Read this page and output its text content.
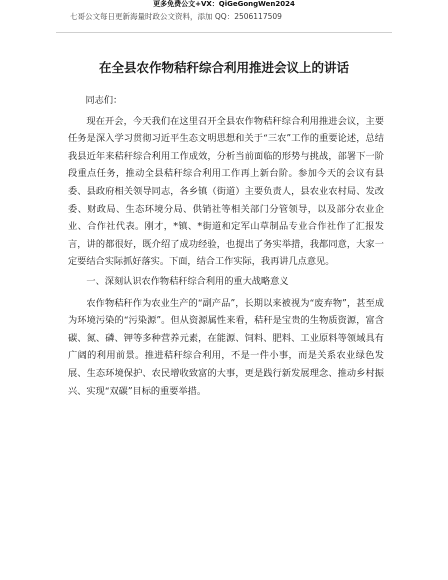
更多免费公文+VX：QiGeGongWen2024
七哥公文每日更新海量时政公文资料，添加 QQ：2506117509
在全县农作物秸秆综合利用推进会议上的讲话

同志们：

现在开会，今天我们在这里召开全县农作物秸秆综合利用推进会议，主要任务是深入学习贯彻习近平生态文明思想和关于“三农”工作的重要论述，总结我县近年来秸秆综合利用工作成效，分析当前面临的形势与挑战，部署下一阶段重点任务，推动全县秸秆综合利用工作再上新台阶。参加今天的会议有县委、县政府相关领导同志，各乡镇（街道）主要负责人，县农业农村局、发改委、财政局、生态环境分局、供销社等相关部门分管领导，以及部分农业企业、合作社代表。刚才，*镇、*街道和定军山草制品专业合作社作了汇报发言，讲的都很好，既介绍了成功经验，也提出了务实举措，我都同意，大家一定要结合实际抓好落实。下面，结合工作实际，我再讲几点意见。

一、深刻认识农作物秸秆综合利用的重大战略意义

农作物秸秆作为农业生产的“副产品”，长期以来被视为“废弃物”，甚至成为环境污染的“污染源”。但从资源属性来看，秸秆是宝贵的生物质资源，富含碳、氮、磷、钾等多种营养元素，在能源、饲料、肥料、工业原料等领域具有广阔的利用前景。推进秸秆综合利用，不是一件小事，而是关系农业绿色发展、生态环境保护、农民增收致富的大事，更是践行新发展理念、推动乡村振兴、实现“双碳”目标的重要举措。
